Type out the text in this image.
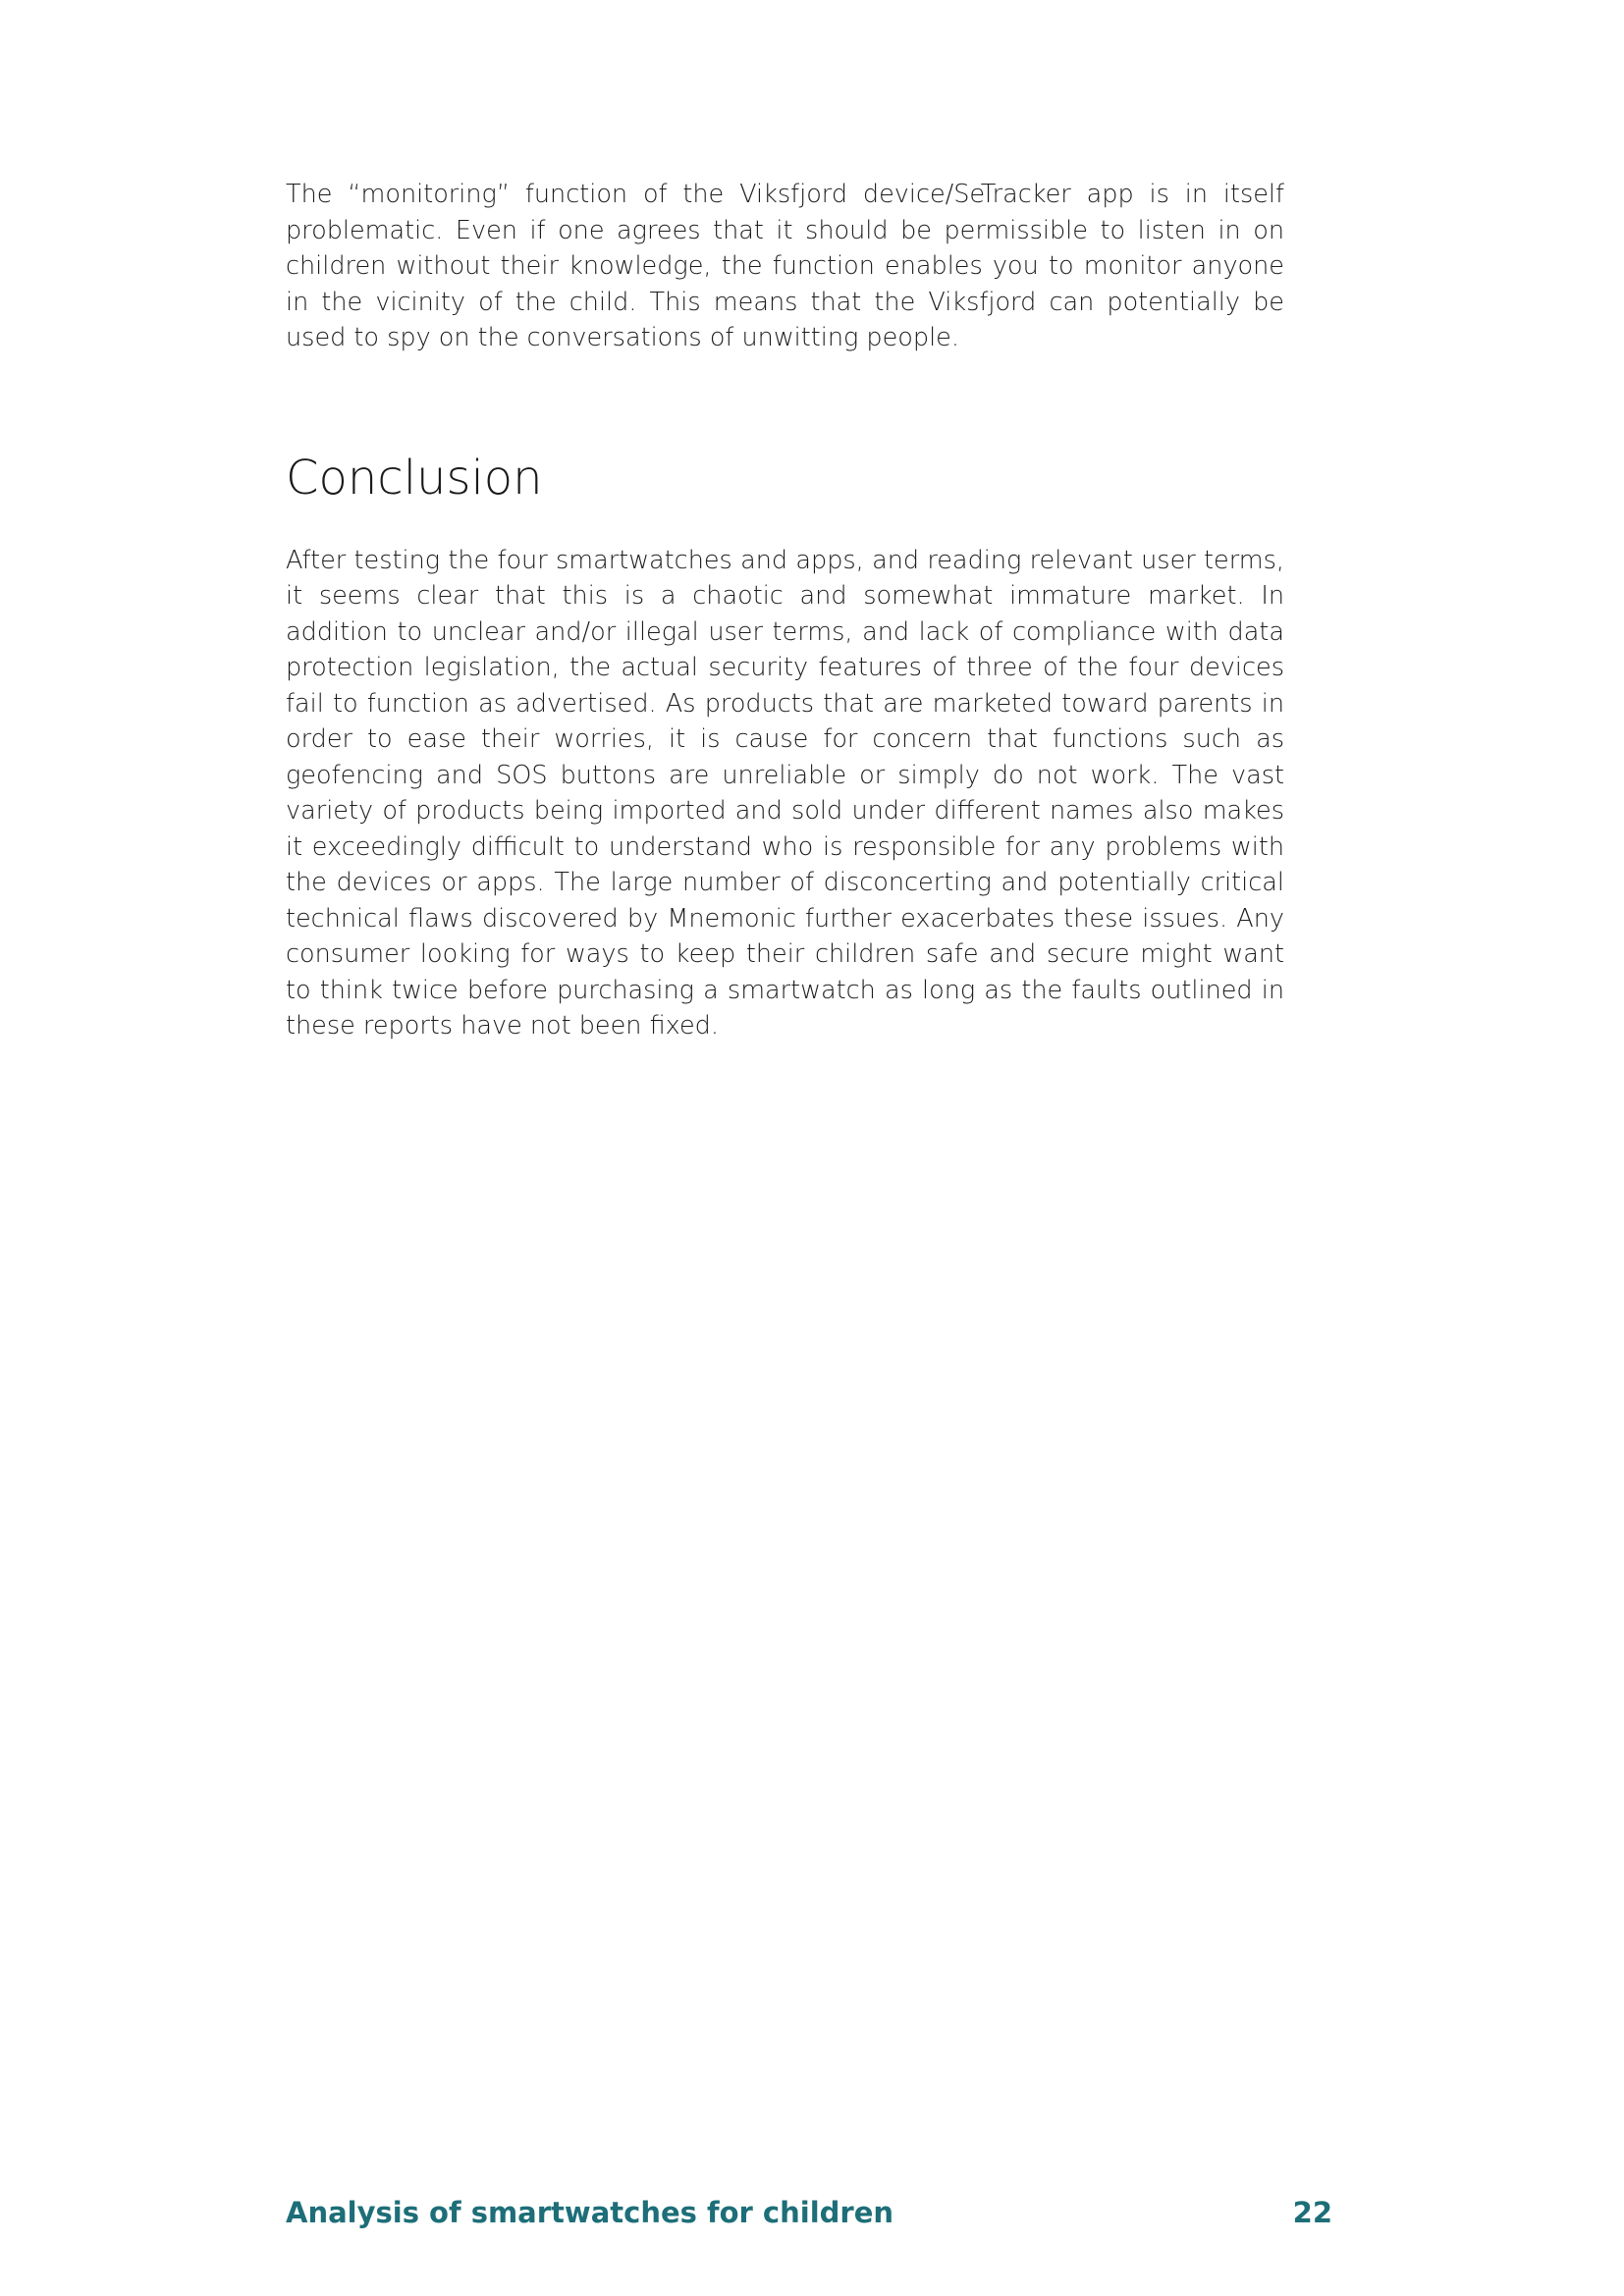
The “monitoring” function of the Viksfjord device/SeTracker app is in itself problematic. Even if one agrees that it should be permissible to listen in on children without their knowledge, the function enables you to monitor anyone in the vicinity of the child. This means that the Viksfjord can potentially be used to spy on the conversations of unwitting people.

Conclusion

After testing the four smartwatches and apps, and reading relevant user terms, it seems clear that this is a chaotic and somewhat immature market. In addition to unclear and/or illegal user terms, and lack of compliance with data protection legislation, the actual security features of three of the four devices fail to function as advertised. As products that are marketed toward parents in order to ease their worries, it is cause for concern that functions such as geofencing and SOS buttons are unreliable or simply do not work. The vast variety of products being imported and sold under different names also makes it exceedingly difficult to understand who is responsible for any problems with the devices or apps. The large number of disconcerting and potentially critical technical flaws discovered by Mnemonic further exacerbates these issues. Any consumer looking for ways to keep their children safe and secure might want to think twice before purchasing a smartwatch as long as the faults outlined in these reports have not been fixed.

Analysis of smartwatches for children	22
